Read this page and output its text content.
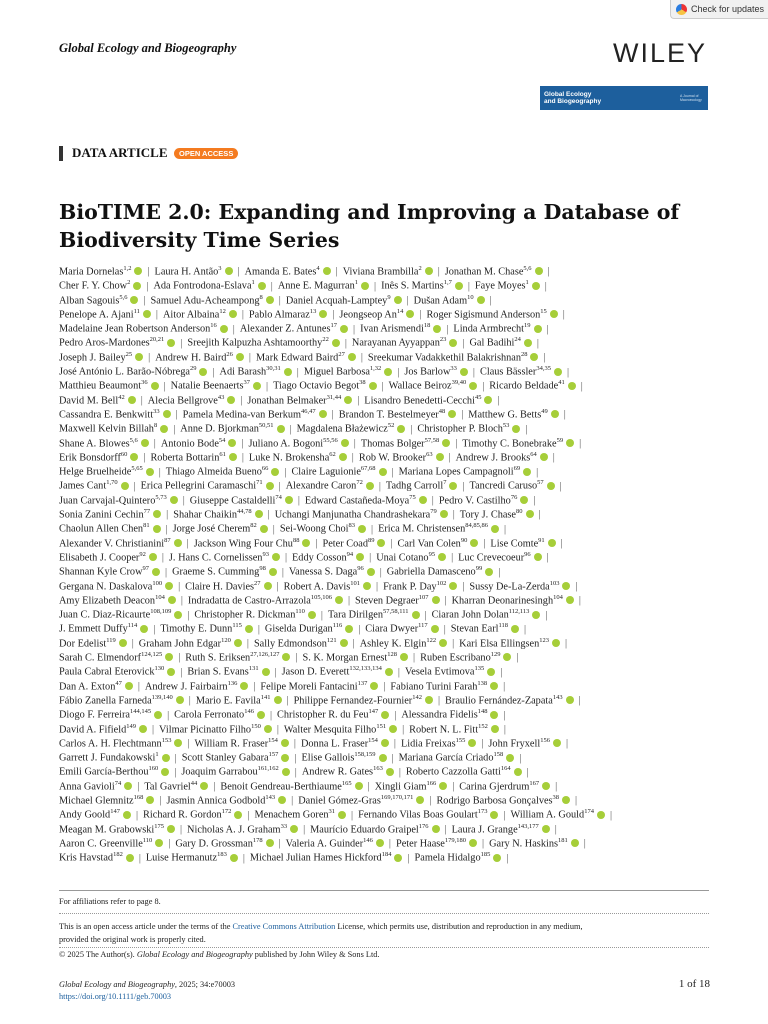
Check for updates
Global Ecology and Biogeography	WILEY
Global Ecology
and Biogeography
A Journal of Macroecology
DATA ARTICLE	OPEN ACCESS
BioTIME 2.0: Expanding and Improving a Database of Biodiversity Time Series
Maria Dornelas$^{1,2}$ | Laura H. Antão$^3$ | Amanda E. Bates$^4$ | Viviana Brambilla$^2$ | Jonathan M. Chase$^{5,6}$ |
Cher F. Y. Chow$^2$ | Ada Fontrodona-Eslava$^1$ | Anne E. Magurran$^1$ | Inês S. Martins$^{1,7}$ | Faye Moyes$^1$ |
Alban Sagouis$^{5,6}$ | Samuel Adu-Acheampong$^8$ | Daniel Acquah-Lamptey$^9$ | Dušan Adam$^{10}$ |
Penelope A. Ajani$^{11}$ | Aitor Albaina$^{12}$ | Pablo Almaraz$^{13}$ | Jeongseop An$^{14}$ | Roger Sigismund Anderson$^{15}$ |
Madelaine Jean Robertson Anderson$^{16}$ | Alexander Z. Antunes$^{17}$ | Ivan Arismendi$^{18}$ | Linda Armbrecht$^{19}$ |
Pedro Aros-Mardones$^{20,21}$ | Sreejith Kalpuzha Ashtamoorthy$^{22}$ | Narayanan Ayyappan$^{23}$ | Gal Badihi$^{24}$ |
Joseph J. Bailey$^{25}$ | Andrew H. Baird$^{26}$ | Mark Edward Baird$^{27}$ | Sreekumar Vadakkethil Balakrishnan$^{28}$ |
José António L. Barão-Nóbrega$^{29}$ | Adi Barash$^{30,31}$ | Miguel Barbosa$^{1,32}$ | Jos Barlow$^{33}$ | Claus Bässler$^{34,35}$ |
Matthieu Beaumont$^{36}$ | Natalie Beenaerts$^{37}$ | Tiago Octavio Begot$^{38}$ | Wallace Beiroz$^{39,40}$ | Ricardo Beldade$^{41}$ |
David M. Bell$^{42}$ | Alecia Bellgrove$^{43}$ | Jonathan Belmaker$^{31,44}$ | Lisandro Benedetti-Cecchi$^{45}$ |
Cassandra E. Benkwitt$^{33}$ | Pamela Medina-van Berkum$^{46,47}$ | Brandon T. Bestelmeyer$^{48}$ | Matthew G. Betts$^{49}$ |
Maxwell Kelvin Billah$^8$ | Anne D. Bjorkman$^{50,51}$ | Magdalena Błażewicz$^{52}$ | Christopher P. Bloch$^{53}$ |
Shane A. Blowes$^{5,6}$ | Antonio Bode$^{54}$ | Juliano A. Bogoni$^{55,56}$ | Thomas Bolger$^{57,58}$ | Timothy C. Bonebrake$^{59}$ |
Erik Bonsdorff$^{60}$ | Roberta Bottarin$^{61}$ | Luke N. Brokensha$^{62}$ | Rob W. Brooker$^{63}$ | Andrew J. Brooks$^{64}$ |
Helge Bruelheide$^{5,65}$ | Thiago Almeida Bueno$^{66}$ | Claire Laguionie$^{67,68}$ | Mariana Lopes Campagnoli$^{69}$ |
James Cant$^{1,70}$ | Erica Pellegrini Caramaschi$^{71}$ | Alexandre Caron$^{72}$ | Tadhg Carroll$^7$ | Tancredi Caruso$^{57}$ |
Juan Carvajal-Quintero$^{5,73}$ | Giuseppe Castaldelli$^{74}$ | Edward Castañeda-Moya$^{75}$ | Pedro V. Castilho$^{76}$ |
Sonia Zanini Cechin$^{77}$ | Shahar Chaikin$^{44,78}$ | Uchangi Manjunatha Chandrashekara$^{79}$ | Tory J. Chase$^{80}$ |
Chaolun Allen Chen$^{81}$ | Jorge José Cherem$^{82}$ | Sei-Woong Choi$^{83}$ | Erica M. Christensen$^{84,85,86}$ |
Alexander V. Christianini$^{87}$ | Jackson Wing Four Chu$^{88}$ | Peter Coad$^{89}$ | Carl Van Colen$^{90}$ | Lise Comte$^{91}$ |
Elisabeth J. Cooper$^{92}$ | J. Hans C. Cornelissen$^{93}$ | Eddy Cosson$^{94}$ | Unai Cotano$^{95}$ | Luc Crevecoeur$^{96}$ |
Shannan Kyle Crow$^{97}$ | Graeme S. Cumming$^{98}$ | Vanessa S. Daga$^{96}$ | Gabriella Damasceno$^{99}$ |
Gergana N. Daskalova$^{100}$ | Claire H. Davies$^{27}$ | Robert A. Davis$^{101}$ | Frank P. Day$^{102}$ | Sussy De-La-Zerda$^{103}$ |
Amy Elizabeth Deacon$^{104}$ | Indradatta de Castro-Arrazola$^{105,106}$ | Steven Degraer$^{107}$ | Kharran Deonarinesingh$^{104}$ |
Juan C. Diaz-Ricaurte$^{108,109}$ | Christopher R. Dickman$^{110}$ | Tara Dirilgen$^{57,58,111}$ | Ciaran John Dolan$^{112,113}$ |
J. Emmett Duffy$^{114}$ | Timothy E. Dunn$^{115}$ | Giselda Durigan$^{116}$ | Ciara Dwyer$^{117}$ | Stevan Earl$^{118}$ |
Dor Edelist$^{119}$ | Graham John Edgar$^{120}$ | Sally Edmondson$^{121}$ | Ashley K. Elgin$^{122}$ | Kari Elsa Ellingsen$^{123}$ |
Sarah C. Elmendorf$^{124,125}$ | Ruth S. Eriksen$^{27,126,127}$ | S. K. Morgan Ernest$^{128}$ | Ruben Escribano$^{129}$ |
Paula Cabral Eterovick$^{130}$ | Brian S. Evans$^{131}$ | Jason D. Everett$^{132,133,134}$ | Vesela Evtimova$^{135}$ |
Dan A. Exton$^{47}$ | Andrew J. Fairbairn$^{136}$ | Felipe Moreli Fantacini$^{137}$ | Fabiano Turini Farah$^{138}$ |
Fábio Zanella Farneda$^{139,140}$ | Mario E. Favila$^{141}$ | Philippe Fernandez-Fournier$^{142}$ | Braulio Fernández-Zapata$^{143}$ |
Diogo F. Ferreira$^{144,145}$ | Carola Ferronato$^{146}$ | Christopher R. du Feu$^{147}$ | Alessandra Fidelis$^{148}$ |
David A. Fifield$^{149}$ | Vilmar Picinatto Filho$^{150}$ | Walter Mesquita Filho$^{151}$ | Robert N. L. Fitt$^{152}$ |
Carlos A. H. Flechtmann$^{153}$ | William R. Fraser$^{154}$ | Donna L. Fraser$^{154}$ | Lidia Freixas$^{155}$ | John Fryxell$^{156}$ |
Garrett J. Fundakowski$^1$ | Scott Stanley Gabara$^{157}$ | Elise Gallois$^{158,159}$ | Mariana García Criado$^{158}$ |
Emili García-Berthou$^{160}$ | Joaquim Garrabou$^{161,162}$ | Andrew R. Gates$^{163}$ | Roberto Cazzolla Gatti$^{164}$ |
Anna Gavioli$^{74}$ | Tal Gavriel$^{44}$ | Benoit Gendreau-Berthiaume$^{165}$ | Xingli Giam$^{166}$ | Carina Gjerdrum$^{167}$ |
Michael Glemnitz$^{168}$ | Jasmin Annica Godbold$^{143}$ | Daniel Gómez-Gras$^{169,170,171}$ | Rodrigo Barbosa Gonçalves$^{38}$ |
Andy Goold$^{147}$ | Richard R. Gordon$^{172}$ | Menachem Goren$^{31}$ | Fernando Vilas Boas Goulart$^{173}$ | William A. Gould$^{174}$ |
Meagan M. Grabowski$^{175}$ | Nicholas A. J. Graham$^{33}$ | Maurício Eduardo Graipel$^{176}$ | Laura J. Grange$^{143,177}$ |
Aaron C. Greenville$^{110}$ | Gary D. Grossman$^{178}$ | Valeria A. Guinder$^{146}$ | Peter Haase$^{179,180}$ | Gary N. Haskins$^{181}$ |
Kris Havstad$^{182}$ | Luise Hermanutz$^{183}$ | Michael Julian Hames Hickford$^{184}$ | Pamela Hidalgo$^{185}$ |
For affiliations refer to page 8.
This is an open access article under the terms of the Creative Commons Attribution License, which permits use, distribution and reproduction in any medium,
provided the original work is properly cited.
© 2025 The Author(s). Global Ecology and Biogeography published by John Wiley & Sons Ltd.
Global Ecology and Biogeography, 2025; 34:e70003
https://doi.org/10.1111/geb.70003
1 of 18
